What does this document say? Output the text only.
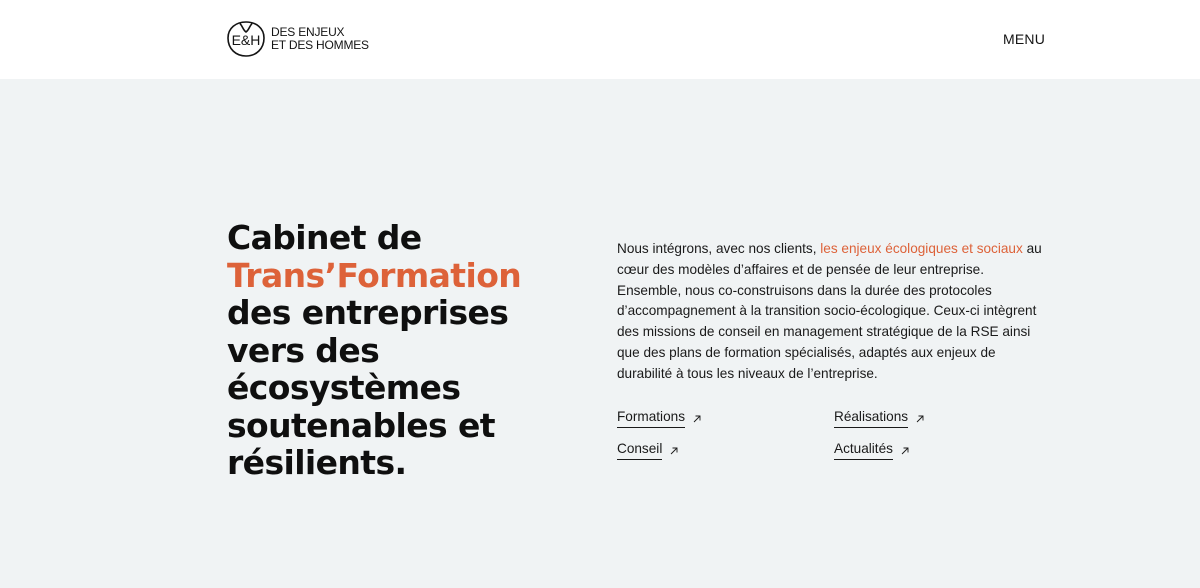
E&H DES ENJEUX
ET DES HOMMES	MENU
Cabinet de
Trans’Formation
des entreprises
vers des
écosystèmes
soutenables et
résilients.

Nous intégrons, avec nos clients, les enjeux écologiques et sociaux au cœur des modèles d’affaires et de pensée de leur entreprise. Ensemble, nous co-construisons dans la durée des protocoles d’accompagnement à la transition socio-écologique. Ceux-ci intègrent des missions de conseil en management stratégique de la RSE ainsi que des plans de formation spécialisés, adaptés aux enjeux de durabilité à tous les niveaux de l’entreprise.

Formations	Réalisations
Conseil	Actualités
